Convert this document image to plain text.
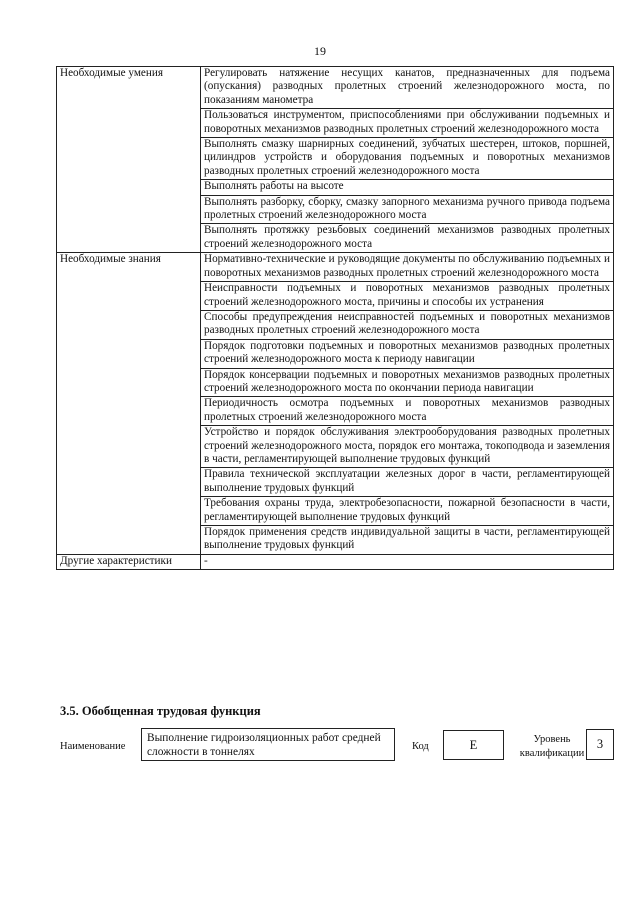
19
Необходимые умения	Регулировать натяжение несущих канатов, предназначенных для подъема (опускания) разводных пролетных строений железнодорожного моста, по показаниям манометра
	Пользоваться инструментом, приспособлениями при обслуживании подъемных и поворотных механизмов разводных пролетных строений железнодорожного моста
	Выполнять смазку шарнирных соединений, зубчатых шестерен, штоков, поршней, цилиндров устройств и оборудования подъемных и поворотных механизмов разводных пролетных строений железнодорожного моста
	Выполнять работы на высоте
	Выполнять разборку, сборку, смазку запорного механизма ручного привода подъема пролетных строений железнодорожного моста
	Выполнять протяжку резьбовых соединений механизмов разводных пролетных строений железнодорожного моста
Необходимые знания	Нормативно-технические и руководящие документы по обслуживанию подъемных и поворотных механизмов разводных пролетных строений железнодорожного моста
	Неисправности подъемных и поворотных механизмов разводных пролетных строений железнодорожного моста, причины и способы их устранения
	Способы предупреждения неисправностей подъемных и поворотных механизмов разводных пролетных строений железнодорожного моста
	Порядок подготовки подъемных и поворотных механизмов разводных пролетных строений железнодорожного моста к периоду навигации
	Порядок консервации подъемных и поворотных механизмов разводных пролетных строений железнодорожного моста по окончании периода навигации
	Периодичность осмотра подъемных и поворотных механизмов разводных пролетных строений железнодорожного моста
	Устройство и порядок обслуживания электрооборудования разводных пролетных строений железнодорожного моста, порядок его монтажа, токоподвода и заземления в части, регламентирующей выполнение трудовых функций
	Правила технической эксплуатации железных дорог в части, регламентирующей выполнение трудовых функций
	Требования охраны труда, электробезопасности, пожарной безопасности в части, регламентирующей выполнение трудовых функций
	Порядок применения средств индивидуальной защиты в части, регламентирующей выполнение трудовых функций
Другие характеристики	-
3.5. Обобщенная трудовая функция
Наименование
Выполнение гидроизоляционных работ средней сложности в тоннелях	Код	E	Уровень квалификации
3
